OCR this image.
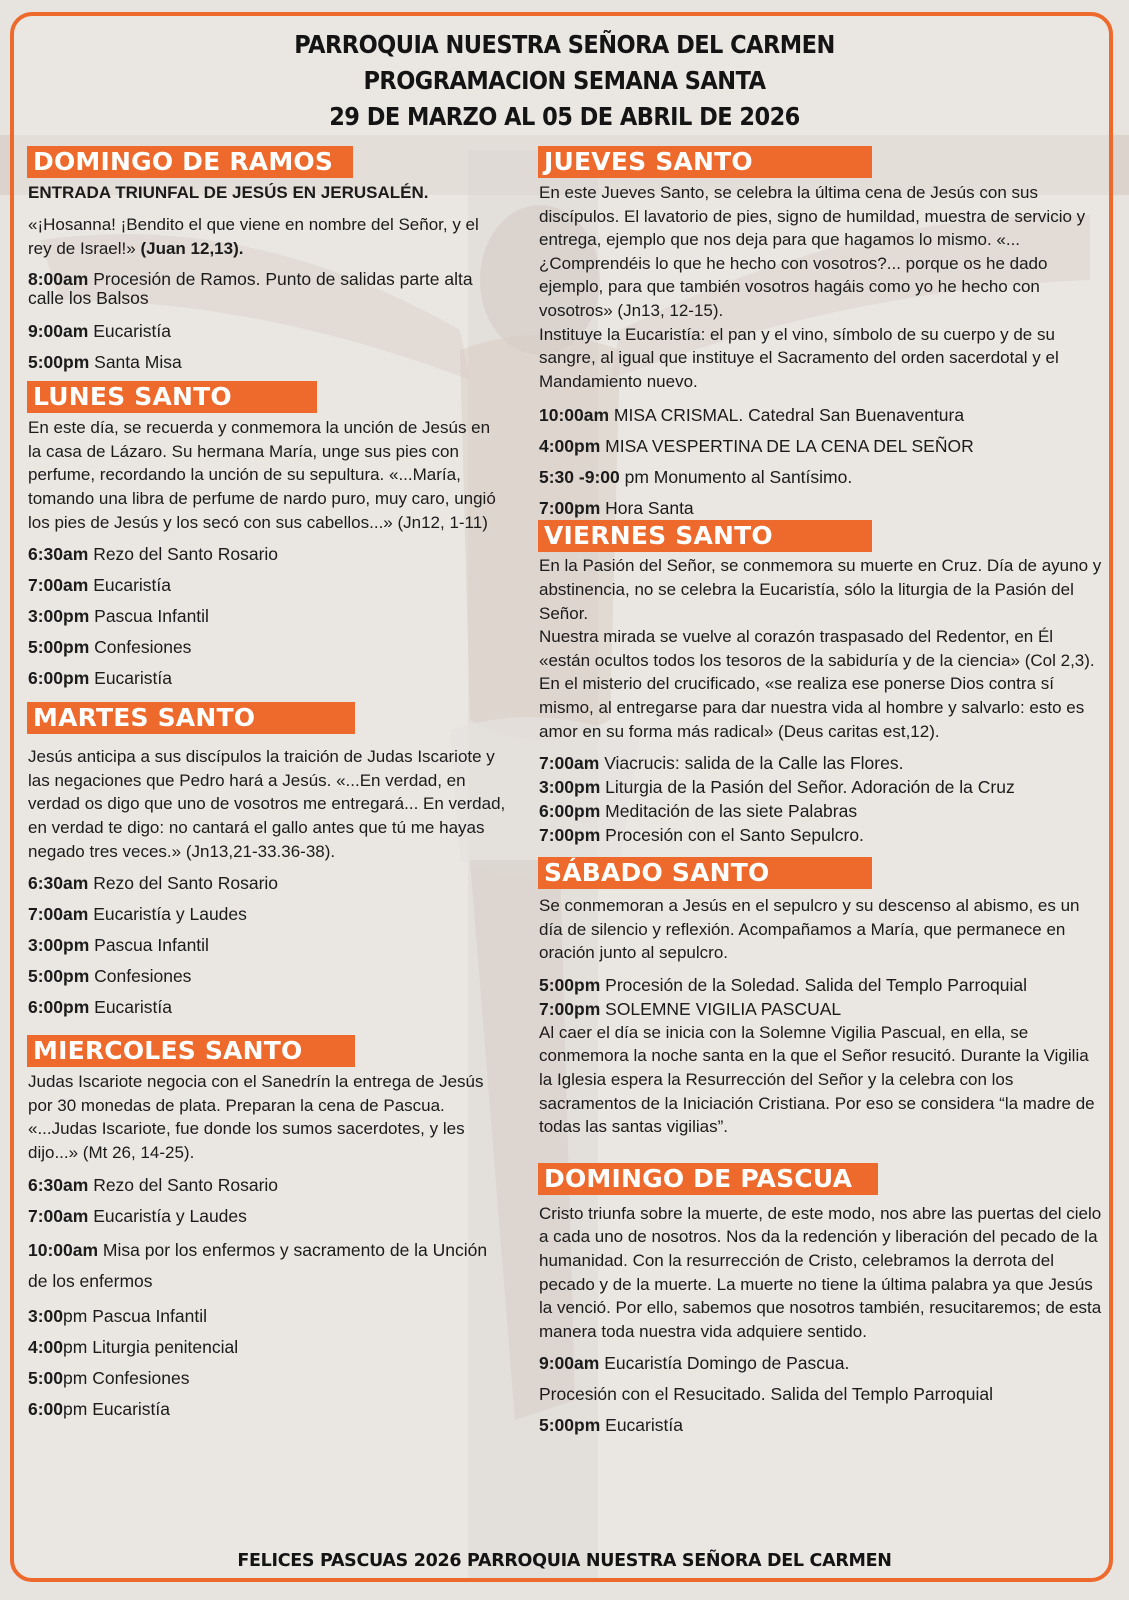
PARROQUIA NUESTRA SEÑORA DEL CARMEN
PROGRAMACION SEMANA SANTA
29 DE MARZO AL 05 DE ABRIL DE 2026
DOMINGO DE RAMOS
ENTRADA TRIUNFAL DE JESÚS EN JERUSALÉN.
«¡Hosanna! ¡Bendito el que viene en nombre del Señor, y el rey de Israel!» (Juan 12,13).
8:00am Procesión de Ramos. Punto de salidas parte alta calle los Balsos
9:00am Eucaristía
5:00pm Santa Misa
LUNES SANTO
En este día, se recuerda y conmemora la unción de Jesús en la casa de Lázaro. Su hermana María, unge sus pies con perfume, recordando la unción de su sepultura. «...María, tomando una libra de perfume de nardo puro, muy caro, ungió los pies de Jesús y los secó con sus cabellos...» (Jn12, 1-11)
6:30am Rezo del Santo Rosario
7:00am Eucaristía
3:00pm Pascua Infantil
5:00pm Confesiones
6:00pm Eucaristía
MARTES SANTO
Jesús anticipa a sus discípulos la traición de Judas Iscariote y las negaciones que Pedro hará a Jesús. «...En verdad, en verdad os digo que uno de vosotros me entregará... En verdad, en verdad te digo: no cantará el gallo antes que tú me hayas negado tres veces.» (Jn13,21-33.36-38).
6:30am Rezo del Santo Rosario
7:00am Eucaristía y Laudes
3:00pm Pascua Infantil
5:00pm Confesiones
6:00pm Eucaristía
MIERCOLES SANTO
Judas Iscariote negocia con el Sanedrín la entrega de Jesús por 30 monedas de plata. Preparan la cena de Pascua. «...Judas Iscariote, fue donde los sumos sacerdotes, y les dijo...» (Mt 26, 14-25).
6:30am Rezo del Santo Rosario
7:00am Eucaristía y Laudes
10:00am Misa por los enfermos y sacramento de la Unción de los enfermos
3:00pm Pascua Infantil
4:00pm Liturgia penitencial
5:00pm Confesiones
6:00pm Eucaristía
JUEVES SANTO
En este Jueves Santo, se celebra la última cena de Jesús con sus discípulos. El lavatorio de pies, signo de humildad, muestra de servicio y entrega, ejemplo que nos deja para que hagamos lo mismo. «... ¿Comprendéis lo que he hecho con vosotros?... porque os he dado ejemplo, para que también vosotros hagáis como yo he hecho con vosotros» (Jn13, 12-15).
Instituye la Eucaristía: el pan y el vino, símbolo de su cuerpo y de su sangre, al igual que instituye el Sacramento del orden sacerdotal y el Mandamiento nuevo.
10:00am MISA CRISMAL. Catedral San Buenaventura
4:00pm MISA VESPERTINA DE LA CENA DEL SEÑOR
5:30 -9:00 pm Monumento al Santísimo.
7:00pm Hora Santa
VIERNES SANTO
En la Pasión del Señor, se conmemora su muerte en Cruz. Día de ayuno y abstinencia, no se celebra la Eucaristía, sólo la liturgia de la Pasión del Señor.
Nuestra mirada se vuelve al corazón traspasado del Redentor, en Él «están ocultos todos los tesoros de la sabiduría y de la ciencia» (Col 2,3). En el misterio del crucificado, «se realiza ese ponerse Dios contra sí mismo, al entregarse para dar nuestra vida al hombre y salvarlo: esto es amor en su forma más radical» (Deus caritas est,12).
7:00am Viacrucis: salida de la Calle las Flores.
3:00pm Liturgia de la Pasión del Señor. Adoración de la Cruz
6:00pm Meditación de las siete Palabras
7:00pm Procesión con el Santo Sepulcro.
SÁBADO SANTO
Se conmemoran a Jesús en el sepulcro y su descenso al abismo, es un día de silencio y reflexión. Acompañamos a María, que permanece en oración junto al sepulcro.
5:00pm Procesión de la Soledad. Salida del Templo Parroquial
7:00pm SOLEMNE VIGILIA PASCUAL
Al caer el día se inicia con la Solemne Vigilia Pascual, en ella, se conmemora la noche santa en la que el Señor resucitó. Durante la Vigilia la Iglesia espera la Resurrección del Señor y la celebra con los sacramentos de la Iniciación Cristiana. Por eso se considera “la madre de todas las santas vigilias”.
DOMINGO DE PASCUA
Cristo triunfa sobre la muerte, de este modo, nos abre las puertas del cielo a cada uno de nosotros. Nos da la redención y liberación del pecado de la humanidad. Con la resurrección de Cristo, celebramos la derrota del pecado y de la muerte. La muerte no tiene la última palabra ya que Jesús la venció. Por ello, sabemos que nosotros también, resucitaremos; de esta manera toda nuestra vida adquiere sentido.
9:00am Eucaristía Domingo de Pascua.
Procesión con el Resucitado. Salida del Templo Parroquial
5:00pm Eucaristía
FELICES PASCUAS 2026 PARROQUIA NUESTRA SEÑORA DEL CARMEN
